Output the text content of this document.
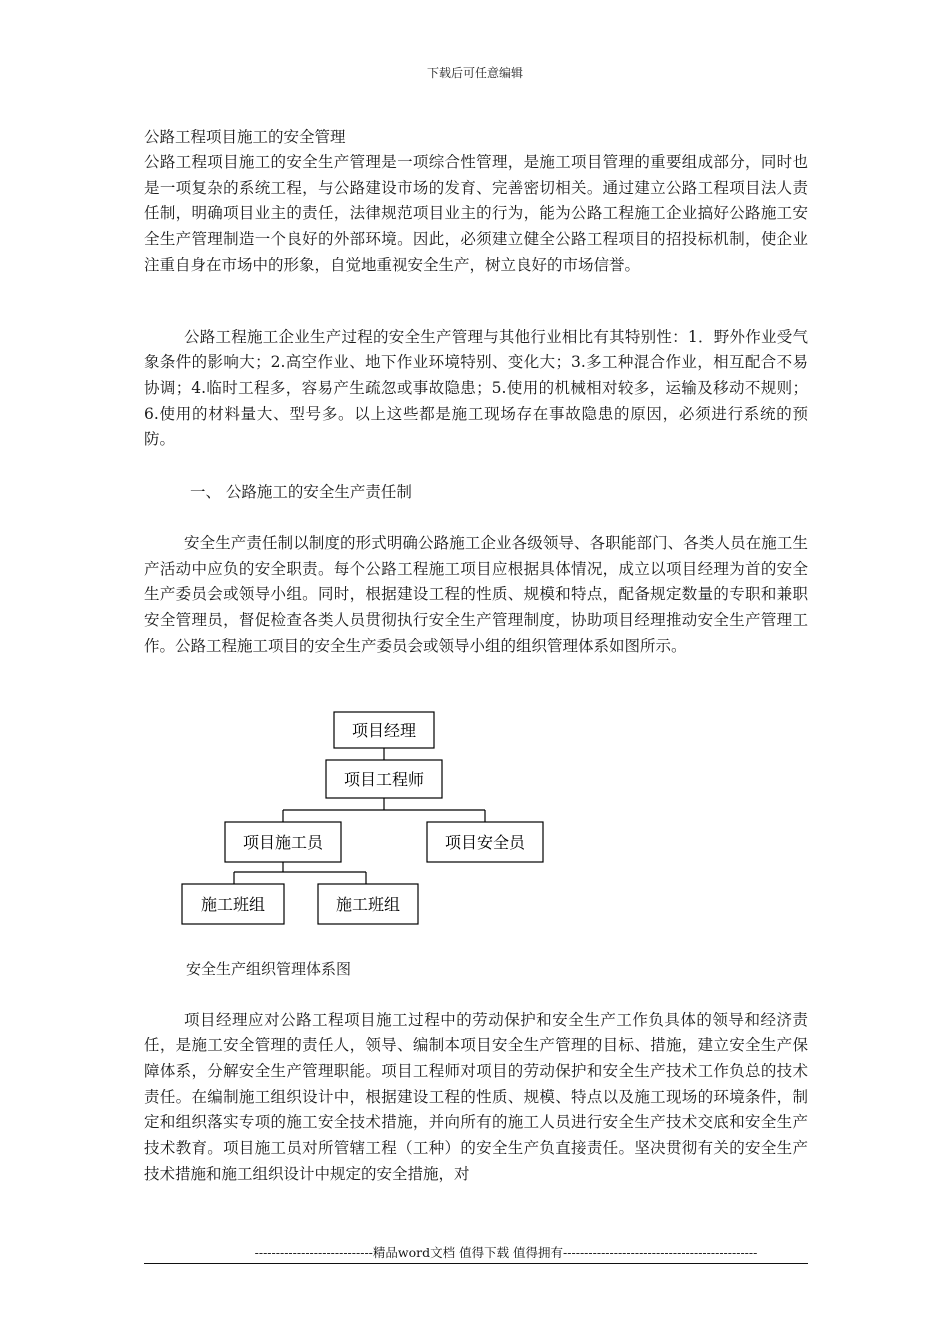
下载后可任意编辑

公路工程项目施工的安全管理

公路工程项目施工的安全生产管理是一项综合性管理，是施工项目管理的重要组成部分，同时也是一项复杂的系统工程，与公路建设市场的发育、完善密切相关。通过建立公路工程项目法人责任制，明确项目业主的责任，法律规范项目业主的行为，能为公路工程施工企业搞好公路施工安全生产管理制造一个良好的外部环境。因此，必须建立健全公路工程项目的招投标机制，使企业注重自身在市场中的形象，自觉地重视安全生产，树立良好的市场信誉。

公路工程施工企业生产过程的安全生产管理与其他行业相比有其特别性：1．野外作业受气象条件的影响大；2.高空作业、地下作业环境特别、变化大；3.多工种混合作业，相互配合不易协调；4.临时工程多，容易产生疏忽或事故隐患；5.使用的机械相对较多，运输及移动不规则；6.使用的材料量大、型号多。以上这些都是施工现场存在事故隐患的原因，必须进行系统的预防。

一、 公路施工的安全生产责任制

安全生产责任制以制度的形式明确公路施工企业各级领导、各职能部门、各类人员在施工生产活动中应负的安全职责。每个公路工程施工项目应根据具体情况，成立以项目经理为首的安全生产委员会或领导小组。同时，根据建设工程的性质、规模和特点，配备规定数量的专职和兼职安全管理员，督促检查各类人员贯彻执行安全生产管理制度，协助项目经理推动安全生产管理工作。公路工程施工项目的安全生产委员会或领导小组的组织管理体系如图所示。

项目经理
项目工程师
项目施工员	项目安全员
施工班组	施工班组

安全生产组织管理体系图

项目经理应对公路工程项目施工过程中的劳动保护和安全生产工作负具体的领导和经济责任，是施工安全管理的责任人，领导、编制本项目安全生产管理的目标、措施，建立安全生产保障体系，分解安全生产管理职能。项目工程师对项目的劳动保护和安全生产技术工作负总的技术责任。在编制施工组织设计中，根据建设工程的性质、规模、特点以及施工现场的环境条件，制定和组织落实专项的施工安全技术措施，并向所有的施工人员进行安全生产技术交底和安全生产技术教育。项目施工员对所管辖工程（工种）的安全生产负直接责任。坚决贯彻有关的安全生产技术措施和施工组织设计中规定的安全措施，对

----------------------------精品word文档 值得下载 值得拥有----------------------------------------------
